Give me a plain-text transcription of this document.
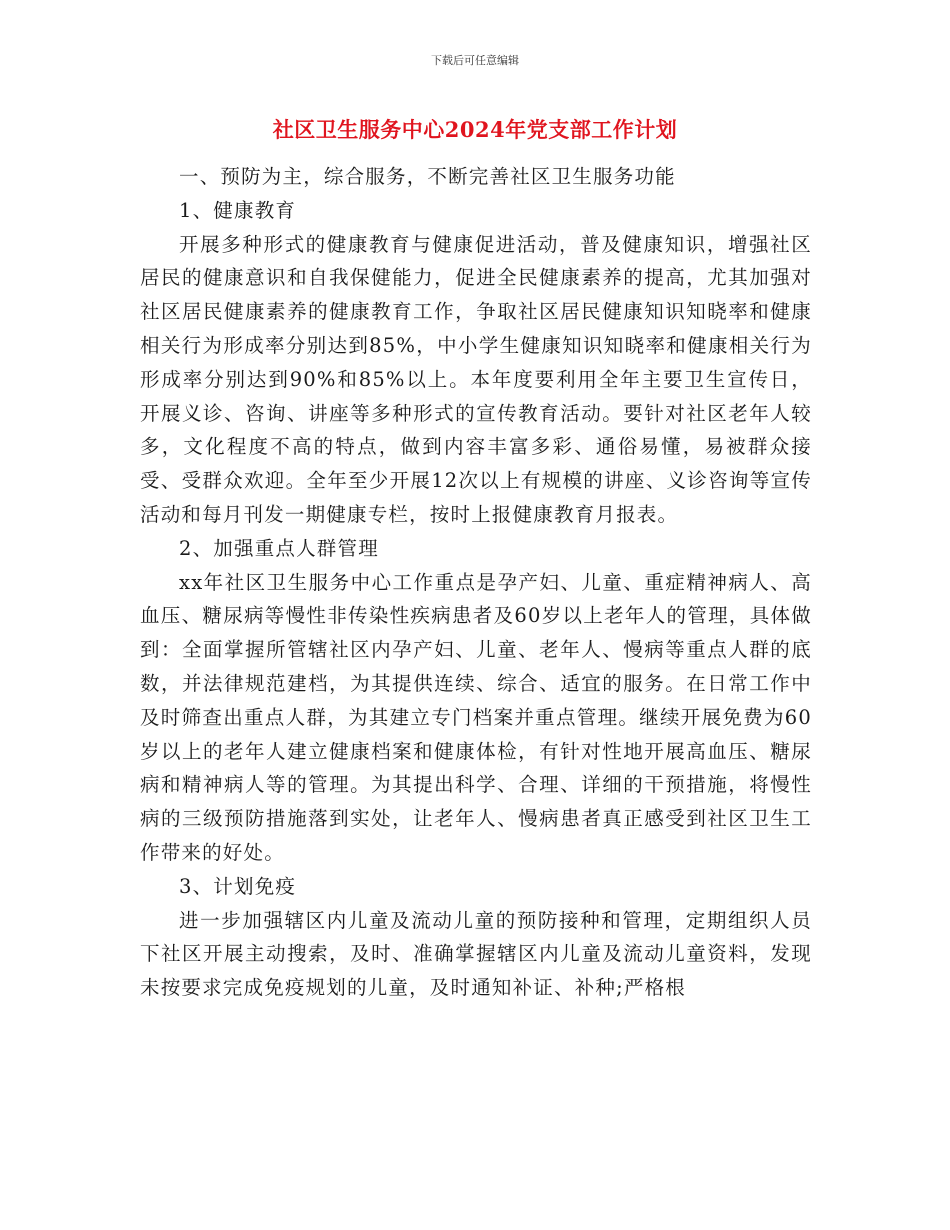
下载后可任意编辑
社区卫生服务中心2024年党支部工作计划

一、预防为主，综合服务，不断完善社区卫生服务功能

1、健康教育

开展多种形式的健康教育与健康促进活动，普及健康知识，增强社区居民的健康意识和自我保健能力，促进全民健康素养的提高，尤其加强对社区居民健康素养的健康教育工作，争取社区居民健康知识知晓率和健康相关行为形成率分别达到85%，中小学生健康知识知晓率和健康相关行为形成率分别达到90%和85%以上。本年度要利用全年主要卫生宣传日，开展义诊、咨询、讲座等多种形式的宣传教育活动。要针对社区老年人较多，文化程度不高的特点，做到内容丰富多彩、通俗易懂，易被群众接受、受群众欢迎。全年至少开展12次以上有规模的讲座、义诊咨询等宣传活动和每月刊发一期健康专栏，按时上报健康教育月报表。

2、加强重点人群管理

xx年社区卫生服务中心工作重点是孕产妇、儿童、重症精神病人、高血压、糖尿病等慢性非传染性疾病患者及60岁以上老年人的管理，具体做到：全面掌握所管辖社区内孕产妇、儿童、老年人、慢病等重点人群的底数，并法律规范建档，为其提供连续、综合、适宜的服务。在日常工作中及时筛查出重点人群，为其建立专门档案并重点管理。继续开展免费为60岁以上的老年人建立健康档案和健康体检，有针对性地开展高血压、糖尿病和精神病人等的管理。为其提出科学、合理、详细的干预措施，将慢性病的三级预防措施落到实处，让老年人、慢病患者真正感受到社区卫生工作带来的好处。

3、计划免疫

进一步加强辖区内儿童及流动儿童的预防接种和管理，定期组织人员下社区开展主动搜索，及时、准确掌握辖区内儿童及流动儿童资料，发现未按要求完成免疫规划的儿童，及时通知补证、补种;严格根
